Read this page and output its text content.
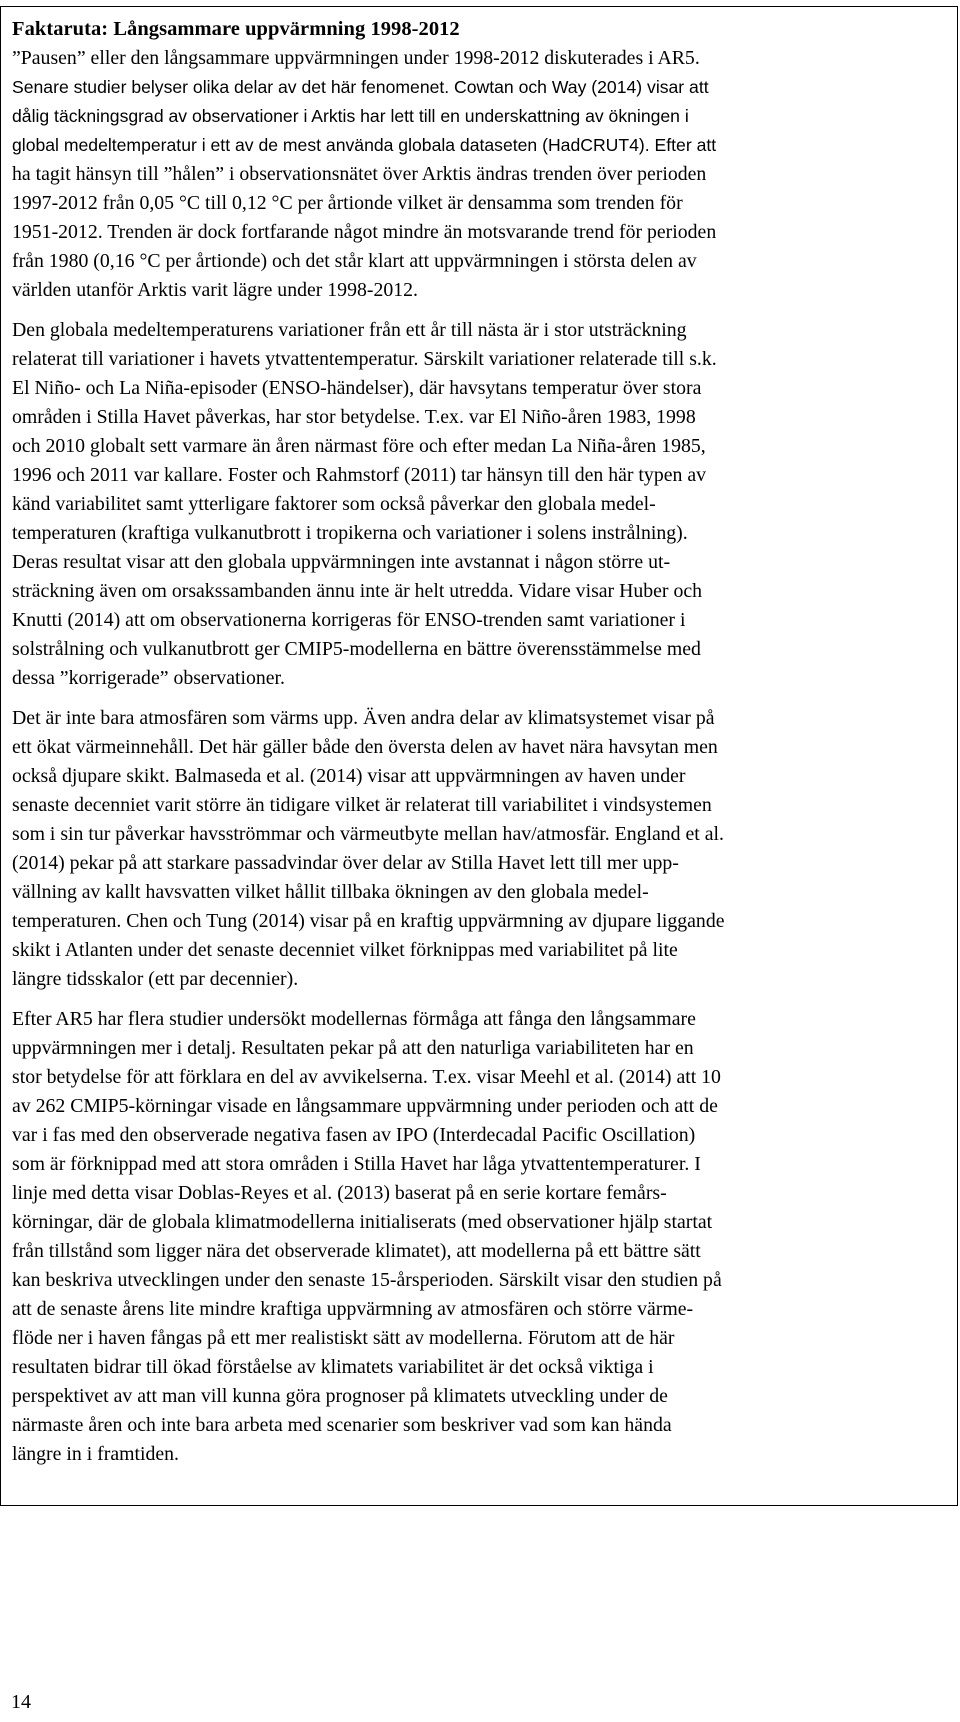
Faktaruta: Långsammare uppvärmning 1998-2012
”Pausen” eller den långsammare uppvärmningen under 1998-2012 diskuterades i AR5.
Senare studier belyser olika delar av det här fenomenet. Cowtan och Way (2014) visar att
dålig täckningsgrad av observationer i Arktis har lett till en underskattning av ökningen i
global medeltemperatur i ett av de mest använda globala dataseten (HadCRUT4). Efter att
ha tagit hänsyn till ”hålen” i observationsnätet över Arktis ändras trenden över perioden
1997-2012 från 0,05 °C till 0,12 °C per årtionde vilket är densamma som trenden för
1951-2012. Trenden är dock fortfarande något mindre än motsvarande trend för perioden
från 1980 (0,16 °C per årtionde) och det står klart att uppvärmningen i största delen av
världen utanför Arktis varit lägre under 1998-2012.
Den globala medeltemperaturens variationer från ett år till nästa är i stor utsträckning
relaterat till variationer i havets ytvattentemperatur. Särskilt variationer relaterade till s.k.
El Niño- och La Niña-episoder (ENSO-händelser), där havsytans temperatur över stora
områden i Stilla Havet påverkas, har stor betydelse. T.ex. var El Niño-åren 1983, 1998
och 2010 globalt sett varmare än åren närmast före och efter medan La Niña-åren 1985,
1996 och 2011 var kallare. Foster och Rahmstorf (2011) tar hänsyn till den här typen av
känd variabilitet samt ytterligare faktorer som också påverkar den globala medel-
temperaturen (kraftiga vulkanutbrott i tropikerna och variationer i solens instrålning).
Deras resultat visar att den globala uppvärmningen inte avstannat i någon större ut-
sträckning även om orsakssambanden ännu inte är helt utredda. Vidare visar Huber och
Knutti (2014) att om observationerna korrigeras för ENSO-trenden samt variationer i
solstrålning och vulkanutbrott ger CMIP5-modellerna en bättre överensstämmelse med
dessa ”korrigerade” observationer.
Det är inte bara atmosfären som värms upp. Även andra delar av klimatsystemet visar på
ett ökat värmeinnehåll. Det här gäller både den översta delen av havet nära havsytan men
också djupare skikt. Balmaseda et al. (2014) visar att uppvärmningen av haven under
senaste decenniet varit större än tidigare vilket är relaterat till variabilitet i vindsystemen
som i sin tur påverkar havsströmmar och värmeutbyte mellan hav/atmosfär. England et al.
(2014) pekar på att starkare passadvindar över delar av Stilla Havet lett till mer upp-
vällning av kallt havsvatten vilket hållit tillbaka ökningen av den globala medel-
temperaturen. Chen och Tung (2014) visar på en kraftig uppvärmning av djupare liggande
skikt i Atlanten under det senaste decenniet vilket förknippas med variabilitet på lite
längre tidsskalor (ett par decennier).
Efter AR5 har flera studier undersökt modellernas förmåga att fånga den långsammare
uppvärmningen mer i detalj. Resultaten pekar på att den naturliga variabiliteten har en
stor betydelse för att förklara en del av avvikelserna. T.ex. visar Meehl et al. (2014) att 10
av 262 CMIP5-körningar visade en långsammare uppvärmning under perioden och att de
var i fas med den observerade negativa fasen av IPO (Interdecadal Pacific Oscillation)
som är förknippad med att stora områden i Stilla Havet har låga ytvattentemperaturer. I
linje med detta visar Doblas-Reyes et al. (2013) baserat på en serie kortare femårs-
körningar, där de globala klimatmodellerna initialiserats (med observationer hjälp startat
från tillstånd som ligger nära det observerade klimatet), att modellerna på ett bättre sätt
kan beskriva utvecklingen under den senaste 15-årsperioden. Särskilt visar den studien på
att de senaste årens lite mindre kraftiga uppvärmning av atmosfären och större värme-
flöde ner i haven fångas på ett mer realistiskt sätt av modellerna. Förutom att de här
resultaten bidrar till ökad förståelse av klimatets variabilitet är det också viktiga i
perspektivet av att man vill kunna göra prognoser på klimatets utveckling under de
närmaste åren och inte bara arbeta med scenarier som beskriver vad som kan hända
längre in i framtiden.
14
